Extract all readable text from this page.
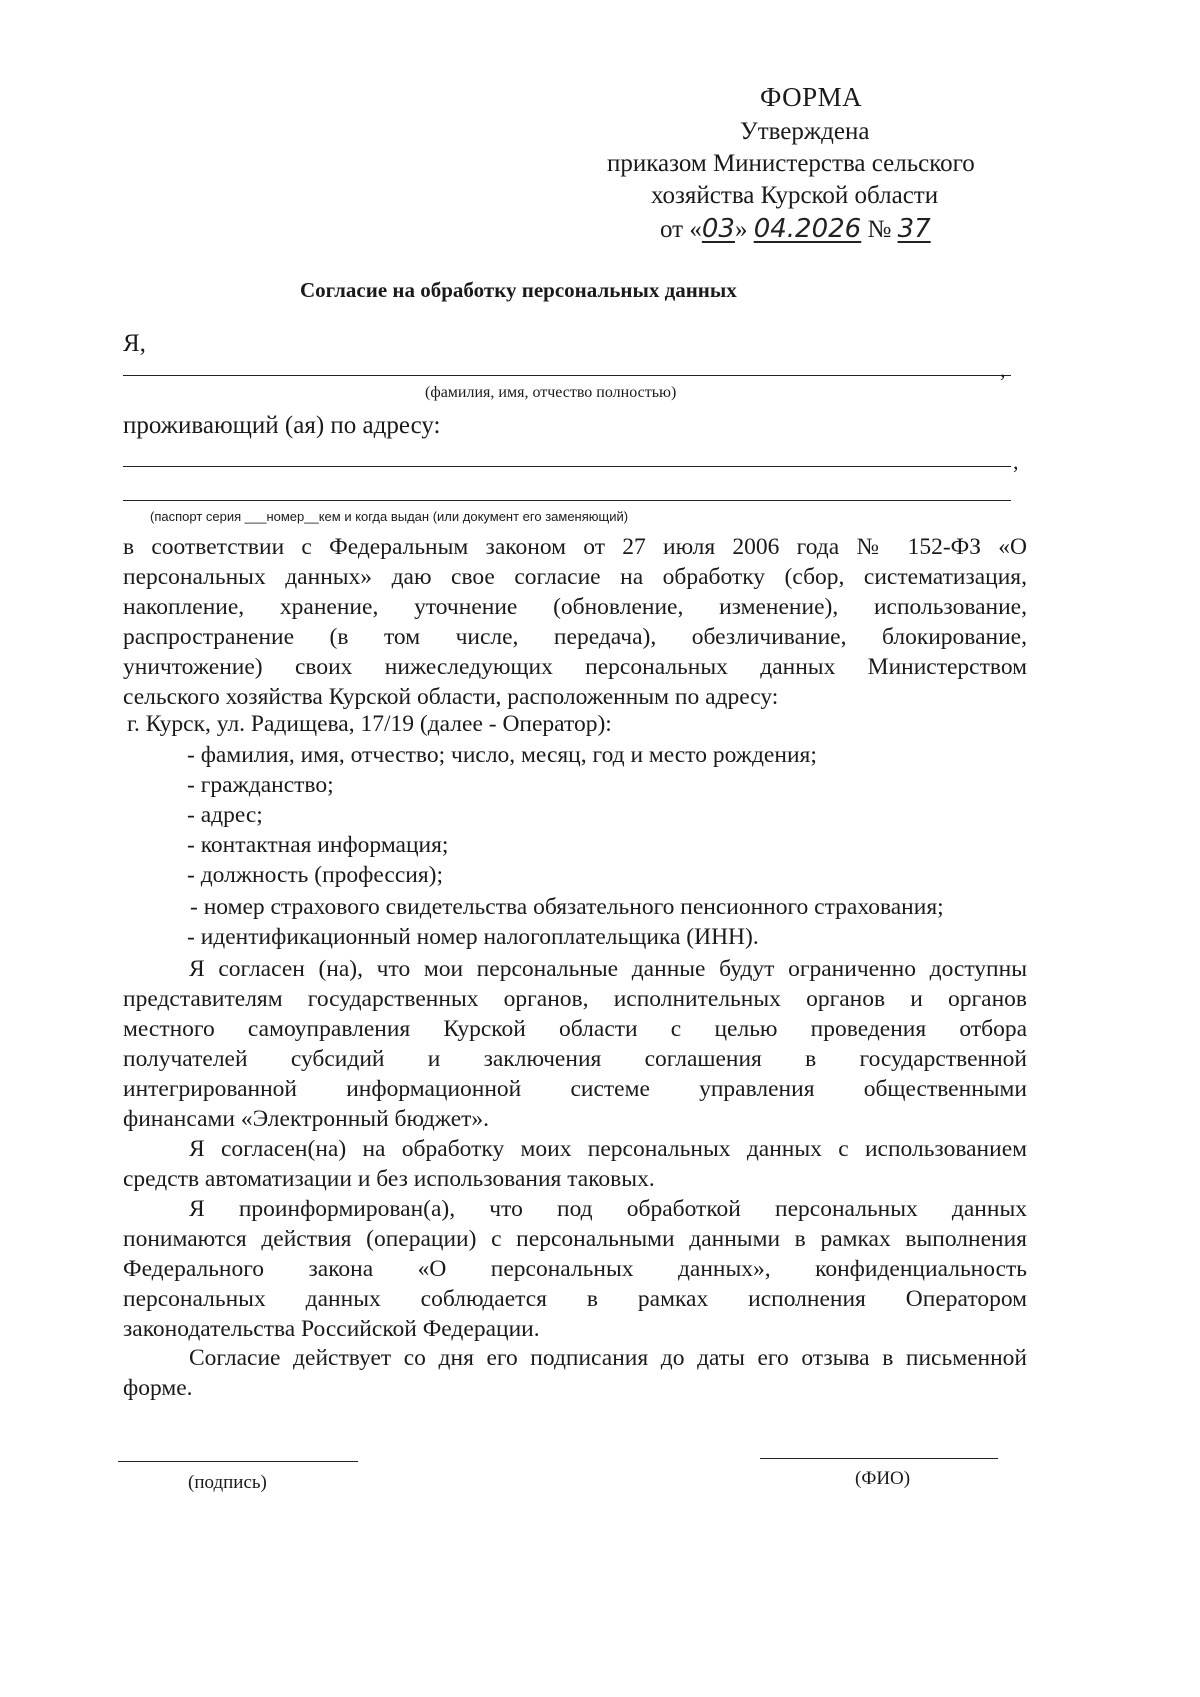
ФОРМА
Утверждена
приказом Министерства сельского
хозяйства Курской области
от «03» 04.2026 № 37
Согласие на обработку персональных данных
Я,
,
(фамилия, имя, отчество полностью)
проживающий (ая) по адресу:
,
(паспорт серия ___номер__кем и когда выдан (или документ его заменяющий)
в соответствии с Федеральным законом от 27 июля 2006 года № 152-ФЗ «О
персональных данных» даю свое согласие на обработку (сбор, систематизация,
накопление, хранение, уточнение (обновление, изменение), использование,
распространение (в том числе, передача), обезличивание, блокирование,
уничтожение) своих нижеследующих персональных данных Министерством
сельского хозяйства Курской области, расположенным по адресу:
г. Курск, ул. Радищева, 17/19 (далее - Оператор):
- фамилия, имя, отчество; число, месяц, год и место рождения;
- гражданство;
- адрес;
- контактная информация;
- должность (профессия);
- номер страхового свидетельства обязательного пенсионного страхования;
- идентификационный номер налогоплательщика (ИНН).
Я согласен (на), что мои персональные данные будут ограниченно доступны
представителям государственных органов, исполнительных органов и органов
местного самоуправления Курской области с целью проведения отбора
получателей субсидий и заключения соглашения в государственной
интегрированной информационной системе управления общественными
финансами «Электронный бюджет».
Я согласен(на) на обработку моих персональных данных с использованием
средств автоматизации и без использования таковых.
Я проинформирован(а), что под обработкой персональных данных
понимаются действия (операции) с персональными данными в рамках выполнения
Федерального закона «О персональных данных», конфиденциальность
персональных данных соблюдается в рамках исполнения Оператором
законодательства Российской Федерации.
Согласие действует со дня его подписания до даты его отзыва в письменной
форме.
(подпись)	(ФИО)
